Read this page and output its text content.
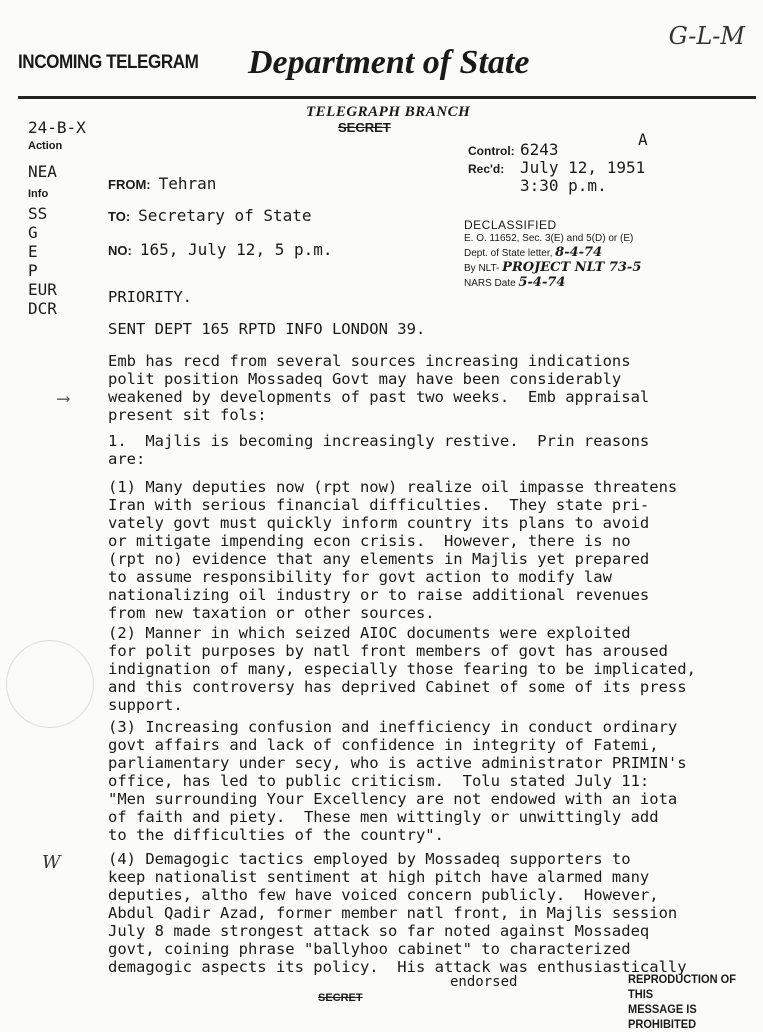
INCOMING TELEGRAM Department of State
G-L-M
TELEGRAPH BRANCH
SECRET
A
24-B-X
Action
NEA
Info
SS
G
E
P
EUR
DCR
FROM: Tehran
TO: Secretary of State
NO: 165, July 12, 5 p.m.
Control: 6243
Rec'd: July 12, 1951
3:30 p.m.
DECLASSIFIED
E. O. 11652, Sec. 3(E) and 5(D) or (E)
Dept. of State letter, 8-4-74
By NLT- PROJECT NLT 73-5
NARS Date 5-4-74
PRIORITY.
SENT DEPT 165 RPTD INFO LONDON 39.
Emb has recd from several sources increasing indications
polit position Mossadeq Govt may have been considerably
weakened by developments of past two weeks.  Emb appraisal
present sit fols:
⟶
1.  Majlis is becoming increasingly restive.  Prin reasons
are:
(1) Many deputies now (rpt now) realize oil impasse threatens
Iran with serious financial difficulties.  They state pri-
vately govt must quickly inform country its plans to avoid
or mitigate impending econ crisis.  However, there is no
(rpt no) evidence that any elements in Majlis yet prepared
to assume responsibility for govt action to modify law
nationalizing oil industry or to raise additional revenues
from new taxation or other sources.
(2) Manner in which seized AIOC documents were exploited
for polit purposes by natl front members of govt has aroused
indignation of many, especially those fearing to be implicated,
and this controversy has deprived Cabinet of some of its press
support.
(3) Increasing confusion and inefficiency in conduct ordinary
govt affairs and lack of confidence in integrity of Fatemi,
parliamentary under secy, who is active administrator PRIMIN's
office, has led to public criticism.  Tolu stated July 11:
"Men surrounding Your Excellency are not endowed with an iota
of faith and piety.  These men wittingly or unwittingly add
to the difficulties of the country".
(4) Demagogic tactics employed by Mossadeq supporters to
keep nationalist sentiment at high pitch have alarmed many
deputies, altho few have voiced concern publicly.  However,
Abdul Qadir Azad, former member natl front, in Majlis session
July 8 made strongest attack so far noted against Mossadeq
govt, coining phrase "ballyhoo cabinet" to characterized
demagogic aspects its policy.  His attack was enthusiastically
W
endorsed
SECRET
REPRODUCTION OF THIS
MESSAGE IS PROHIBITED
